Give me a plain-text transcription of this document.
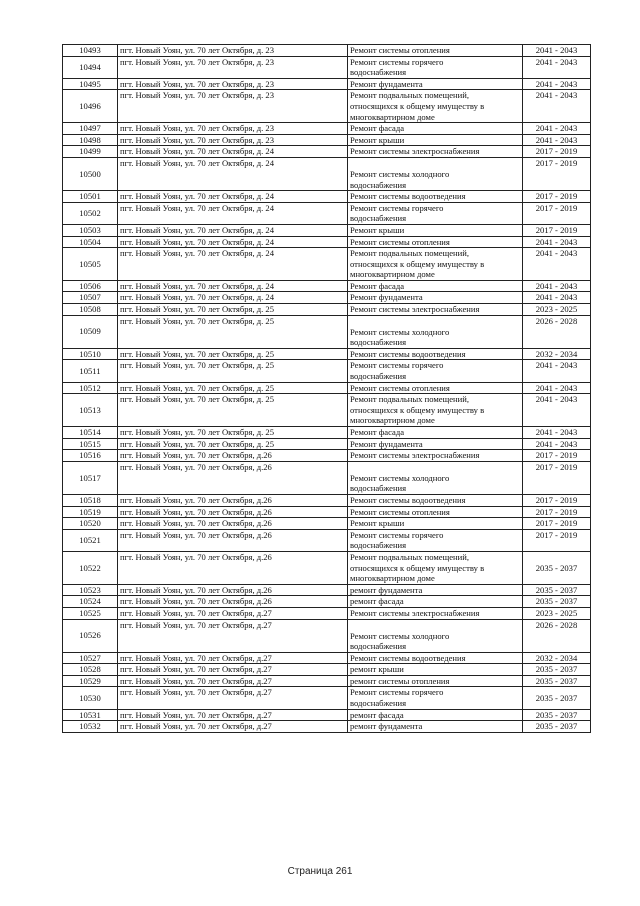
10493	пгт. Новый Уоян, ул. 70 лет Октября, д. 23	Ремонт системы отопления	2041 - 2043
10494	пгт. Новый Уоян, ул. 70 лет Октября, д. 23	Ремонт системы горячего
водоснабжения	2041 - 2043
10495	пгт. Новый Уоян, ул. 70 лет Октября, д. 23	Ремонт фундамента	2041 - 2043
10496	пгт. Новый Уоян, ул. 70 лет Октября, д. 23	Ремонт подвальных помещений,
относящихся к общему имуществу в
многоквартирном доме	2041 - 2043
10497	пгт. Новый Уоян, ул. 70 лет Октября, д. 23	Ремонт фасада	2041 - 2043
10498	пгт. Новый Уоян, ул. 70 лет Октября, д. 23	Ремонт крыши	2041 - 2043
10499	пгт. Новый Уоян, ул. 70 лет Октября, д. 24	Ремонт системы электроснабжения	2017 - 2019
10500	пгт. Новый Уоян, ул. 70 лет Октября, д. 24	Ремонт системы холодного
водоснабжения	2017 - 2019
10501	пгт. Новый Уоян, ул. 70 лет Октября, д. 24	Ремонт системы водоотведения	2017 - 2019
10502	пгт. Новый Уоян, ул. 70 лет Октября, д. 24	Ремонт системы горячего
водоснабжения	2017 - 2019
10503	пгт. Новый Уоян, ул. 70 лет Октября, д. 24	Ремонт крыши	2017 - 2019
10504	пгт. Новый Уоян, ул. 70 лет Октября, д. 24	Ремонт системы отопления	2041 - 2043
10505	пгт. Новый Уоян, ул. 70 лет Октября, д. 24	Ремонт подвальных помещений,
относящихся к общему имуществу в
многоквартирном доме	2041 - 2043
10506	пгт. Новый Уоян, ул. 70 лет Октября, д. 24	Ремонт фасада	2041 - 2043
10507	пгт. Новый Уоян, ул. 70 лет Октября, д. 24	Ремонт фундамента	2041 - 2043
10508	пгт. Новый Уоян, ул. 70 лет Октября, д. 25	Ремонт системы электроснабжения	2023 - 2025
10509	пгт. Новый Уоян, ул. 70 лет Октября, д. 25	Ремонт системы холодного
водоснабжения	2026 - 2028
10510	пгт. Новый Уоян, ул. 70 лет Октября, д. 25	Ремонт системы водоотведения	2032 - 2034
10511	пгт. Новый Уоян, ул. 70 лет Октября, д. 25	Ремонт системы горячего
водоснабжения	2041 - 2043
10512	пгт. Новый Уоян, ул. 70 лет Октября, д. 25	Ремонт системы отопления	2041 - 2043
10513	пгт. Новый Уоян, ул. 70 лет Октября, д. 25	Ремонт подвальных помещений,
относящихся к общему имуществу в
многоквартирном доме	2041 - 2043
10514	пгт. Новый Уоян, ул. 70 лет Октября, д. 25	Ремонт фасада	2041 - 2043
10515	пгт. Новый Уоян, ул. 70 лет Октября, д. 25	Ремонт фундамента	2041 - 2043
10516	пгт. Новый Уоян, ул. 70 лет Октября, д.26	Ремонт системы электроснабжения	2017 - 2019
10517	пгт. Новый Уоян, ул. 70 лет Октября, д.26	Ремонт системы холодного
водоснабжения	2017 - 2019
10518	пгт. Новый Уоян, ул. 70 лет Октября, д.26	Ремонт системы водоотведения	2017 - 2019
10519	пгт. Новый Уоян, ул. 70 лет Октября, д.26	Ремонт системы отопления	2017 - 2019
10520	пгт. Новый Уоян, ул. 70 лет Октября, д.26	Ремонт крыши	2017 - 2019
10521	пгт. Новый Уоян, ул. 70 лет Октября, д.26	Ремонт системы горячего
водоснабжения	2017 - 2019
10522	пгт. Новый Уоян, ул. 70 лет Октября, д.26	Ремонт подвальных помещений,
относящихся к общему имуществу в
многоквартирном доме	2035 - 2037
10523	пгт. Новый Уоян, ул. 70 лет Октября, д.26	ремонт фундамента	2035 - 2037
10524	пгт. Новый Уоян, ул. 70 лет Октября, д.26	ремонт фасада	2035 - 2037
10525	пгт. Новый Уоян, ул. 70 лет Октября, д.27	Ремонт системы электроснабжения	2023 - 2025
10526	пгт. Новый Уоян, ул. 70 лет Октября, д.27	Ремонт системы холодного
водоснабжения	2026 - 2028
10527	пгт. Новый Уоян, ул. 70 лет Октября, д.27	Ремонт системы водоотведения	2032 - 2034
10528	пгт. Новый Уоян, ул. 70 лет Октября, д.27	ремонт крыши	2035 - 2037
10529	пгт. Новый Уоян, ул. 70 лет Октября, д.27	ремонт системы отопления	2035 - 2037
10530	пгт. Новый Уоян, ул. 70 лет Октября, д.27	Ремонт системы горячего
водоснабжения	2035 - 2037
10531	пгт. Новый Уоян, ул. 70 лет Октября, д.27	ремонт фасада	2035 - 2037
10532	пгт. Новый Уоян, ул. 70 лет Октября, д.27	ремонт фундамента	2035 - 2037
Страница 261
